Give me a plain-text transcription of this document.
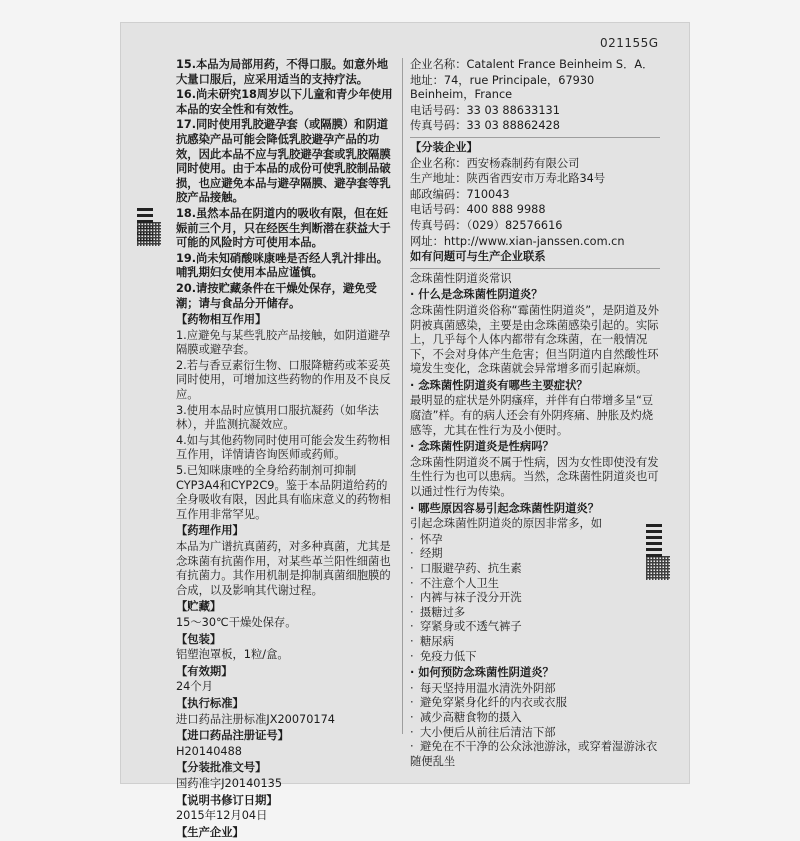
021155G

15.本品为局部用药，不得口服。如意外地大量口服后，应采用适当的支持疗法。

16.尚未研究18周岁以下儿童和青少年使用本品的安全性和有效性。

17.同时使用乳胶避孕套（或隔膜）和阴道抗感染产品可能会降低乳胶避孕产品的功效，因此本品不应与乳胶避孕套或乳胶隔膜同时使用。由于本品的成份可使乳胶制品破损，也应避免本品与避孕隔膜、避孕套等乳胶产品接触。

18.虽然本品在阴道内的吸收有限，但在妊娠前三个月，只在经医生判断潜在获益大于可能的风险时方可使用本品。

19.尚未知硝酸咪康唑是否经人乳汁排出。哺乳期妇女使用本品应谨慎。

20.请按贮藏条件在干燥处保存，避免受潮；请与食品分开储存。

【药物相互作用】

1.应避免与某些乳胶产品接触，如阴道避孕隔膜或避孕套。

2.若与香豆素衍生物、口服降糖药或苯妥英同时使用，可增加这些药物的作用及不良反应。

3.使用本品时应慎用口服抗凝药（如华法林），并监测抗凝效应。

4.如与其他药物同时使用可能会发生药物相互作用，详情请咨询医师或药师。

5.已知咪康唑的全身给药制剂可抑制CYP3A4和CYP2C9。鉴于本品阴道给药的全身吸收有限，因此具有临床意义的药物相互作用非常罕见。

【药理作用】

本品为广谱抗真菌药，对多种真菌，尤其是念珠菌有抗菌作用，对某些革兰阳性细菌也有抗菌力。其作用机制是抑制真菌细胞膜的合成，以及影响其代谢过程。

【贮藏】

15～30℃干燥处保存。

【包装】

铝塑泡罩板，1粒/盒。

【有效期】

24个月

【执行标准】

进口药品注册标准JX20070174

【进口药品注册证号】

H20140488

【分装批准文号】

国药准字J20140135

【说明书修订日期】

2015年12月04日

【生产企业】

企业名称：Catalent France Beinheim S．A．

地址：74，rue Principale，67930 Beinheim，France

电话号码：33 03 88633131

传真号码：33 03 88862428

【分装企业】

企业名称：西安杨森制药有限公司

生产地址：陕西省西安市万寿北路34号

邮政编码：710043

电话号码：400 888 9988

传真号码：（029）82576616

网址：http://www.xian-janssen.com.cn

如有问题可与生产企业联系

念珠菌性阴道炎常识

· 什么是念珠菌性阴道炎？

念珠菌性阴道炎俗称“霉菌性阴道炎”，是阴道及外阴被真菌感染，主要是由念珠菌感染引起的。实际上，几乎每个人体内都带有念珠菌，在一般情况下，不会对身体产生危害；但当阴道内自然酸性环境发生变化，念珠菌就会异常增多而引起麻烦。

· 念珠菌性阴道炎有哪些主要症状？

最明显的症状是外阴瘙痒，并伴有白带增多呈“豆腐渣”样。有的病人还会有外阴疼痛、肿胀及灼烧感等，尤其在性行为及小便时。

· 念珠菌性阴道炎是性病吗？

念珠菌性阴道炎不属于性病，因为女性即使没有发生性行为也可以患病。当然，念珠菌性阴道炎也可以通过性行为传染。

· 哪些原因容易引起念珠菌性阴道炎？

引起念珠菌性阴道炎的原因非常多，如

· 怀孕

· 经期

· 口服避孕药、抗生素

· 不注意个人卫生

· 内裤与袜子没分开洗

· 摄糖过多

· 穿紧身或不透气裤子

· 糖尿病

· 免疫力低下

· 如何预防念珠菌性阴道炎？

· 每天坚持用温水清洗外阴部

· 避免穿紧身化纤的内衣或衣服

· 减少高糖食物的摄入

· 大小便后从前往后清洁下部

· 避免在不干净的公众泳池游泳，或穿着湿游泳衣随便乱坐
